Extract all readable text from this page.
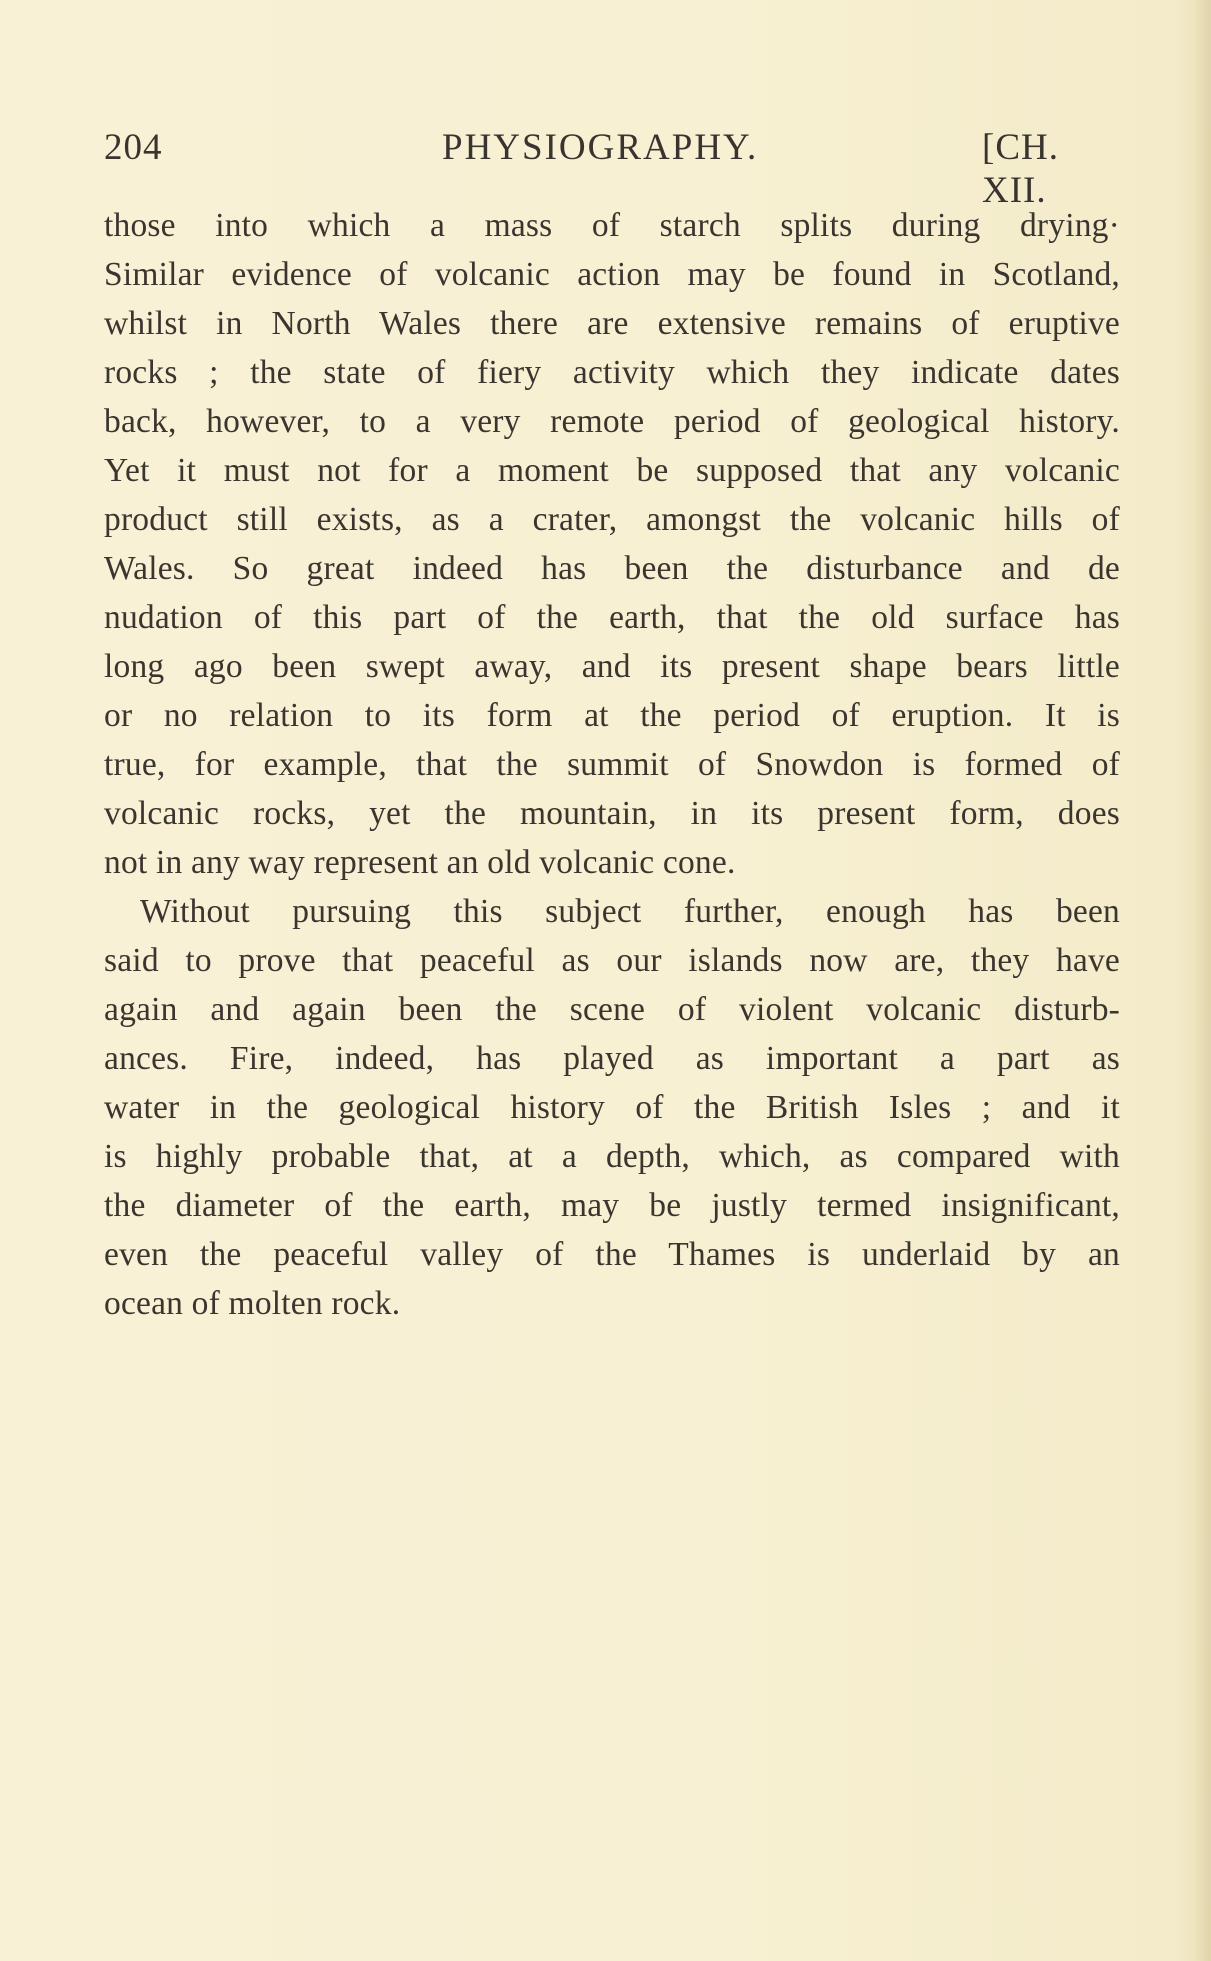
204	PHYSIOGRAPHY.	[CH. XII.
those into which a mass of starch splits during drying·
Similar evidence of volcanic action may be found in Scotland,
whilst in North Wales there are extensive remains of eruptive
rocks ; the state of fiery activity which they indicate dates
back, however, to a very remote period of geological history.
Yet it must not for a moment be supposed that any volcanic
product still exists, as a crater, amongst the volcanic hills of
Wales. So great indeed has been the disturbance and de
nudation of this part of the earth, that the old surface has
long ago been swept away, and its present shape bears little
or no relation to its form at the period of eruption. It is
true, for example, that the summit of Snowdon is formed of
volcanic rocks, yet the mountain, in its present form, does
not in any way represent an old volcanic cone.
Without pursuing this subject further, enough has been
said to prove that peaceful as our islands now are, they have
again and again been the scene of violent volcanic disturb-
ances. Fire, indeed, has played as important a part as
water in the geological history of the British Isles ; and it
is highly probable that, at a depth, which, as compared with
the diameter of the earth, may be justly termed insignificant,
even the peaceful valley of the Thames is underlaid by an
ocean of molten rock.
